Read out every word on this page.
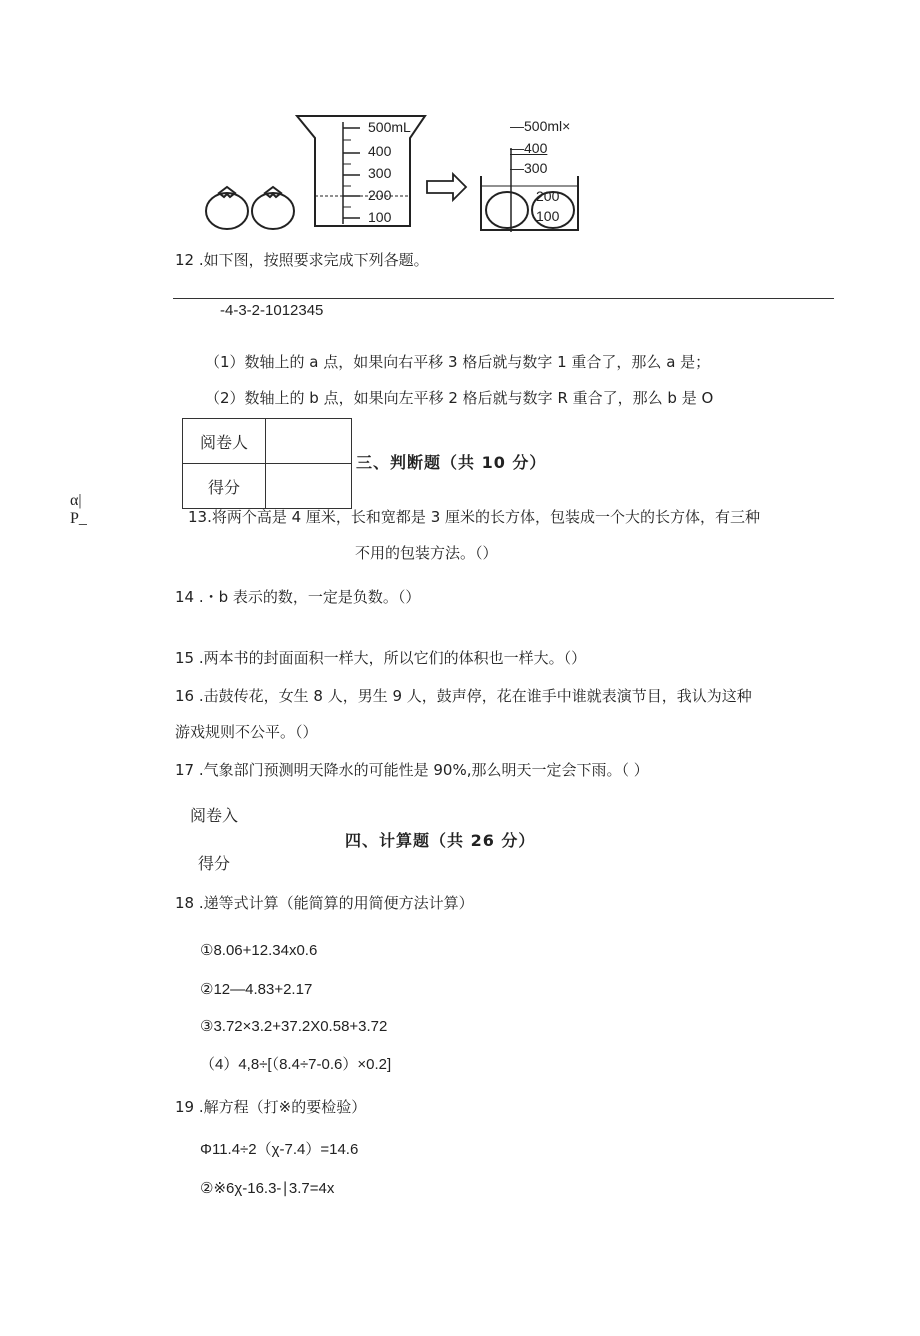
500mL
400
300
200
100
—500ml×
—400
—300
200
100
12 .如下图，按照要求完成下列各题。
-4-3-2-1012345
（1）数轴上的 a 点，如果向右平移 3 格后就与数字 1 重合了，那么 a 是；
（2）数轴上的 b 点，如果向左平移 2 格后就与数字 R 重合了，那么 b 是 O
阅卷人	
得分	
三、判断题（共 10 分）
α|
P_	13.将两个高是 4 厘米，长和宽都是 3 厘米的长方体，包装成一个大的长方体，有三种
不用的包装方法。（）
14 .・b 表示的数，一定是负数。（）
15 .两本书的封面面积一样大，所以它们的体积也一样大。（）
16 .击鼓传花，女生 8 人，男生 9 人，鼓声停，花在谁手中谁就表演节目，我认为这种
游戏规则不公平。（）
17 .气象部门预测明天降水的可能性是 90%,那么明天一定会下雨。（ ）
阅卷入
四、计算题（共 26 分）
得分
18 .递等式计算（能简算的用简便方法计算）
①8.06+12.34x0.6
②12—4.83+2.17
③3.72×3.2+37.2X0.58+3.72
（4）4,8÷[（8.4÷7-0.6）×0.2]
19 .解方程（打※的要检验）
Φ11.4÷2（χ-7.4）=14.6
②※6χ-16.3-∣3.7=4x
